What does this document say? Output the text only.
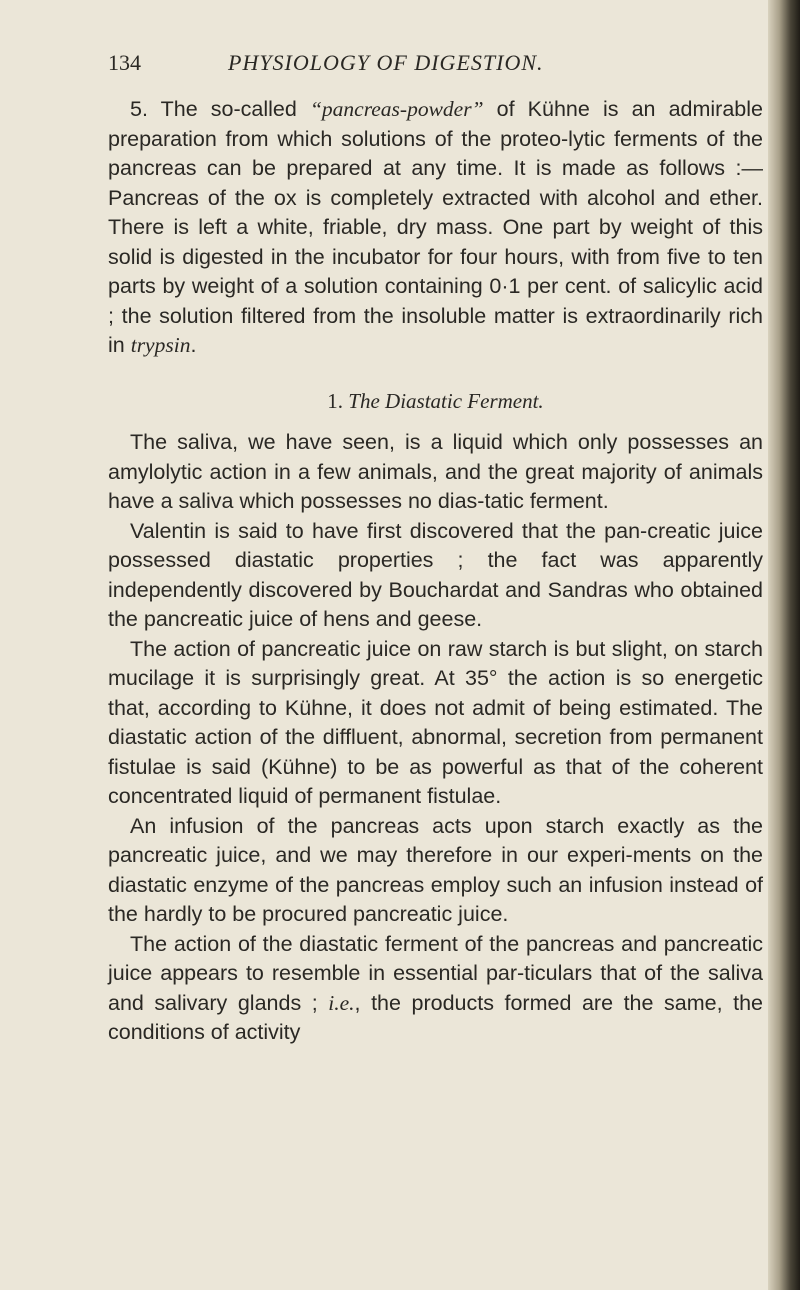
134	PHYSIOLOGY OF DIGESTION.

5. The so-called “pancreas-powder” of Kühne is an admirable preparation from which solutions of the proteo-lytic ferments of the pancreas can be prepared at any time. It is made as follows :—Pancreas of the ox is completely extracted with alcohol and ether. There is left a white, friable, dry mass. One part by weight of this solid is digested in the incubator for four hours, with from five to ten parts by weight of a solution containing 0·1 per cent. of salicylic acid ; the solution filtered from the insoluble matter is extraordinarily rich in trypsin.

1. The Diastatic Ferment.

The saliva, we have seen, is a liquid which only possesses an amylolytic action in a few animals, and the great majority of animals have a saliva which possesses no dias-tatic ferment.

Valentin is said to have first discovered that the pan-creatic juice possessed diastatic properties ; the fact was apparently independently discovered by Bouchardat and Sandras who obtained the pancreatic juice of hens and geese.

The action of pancreatic juice on raw starch is but slight, on starch mucilage it is surprisingly great. At 35° the action is so energetic that, according to Kühne, it does not admit of being estimated. The diastatic action of the diffluent, abnormal, secretion from permanent fistulae is said (Kühne) to be as powerful as that of the coherent concentrated liquid of permanent fistulae.

An infusion of the pancreas acts upon starch exactly as the pancreatic juice, and we may therefore in our experi-ments on the diastatic enzyme of the pancreas employ such an infusion instead of the hardly to be procured pancreatic juice.

The action of the diastatic ferment of the pancreas and pancreatic juice appears to resemble in essential par-ticulars that of the saliva and salivary glands ; i.e., the products formed are the same, the conditions of activity
